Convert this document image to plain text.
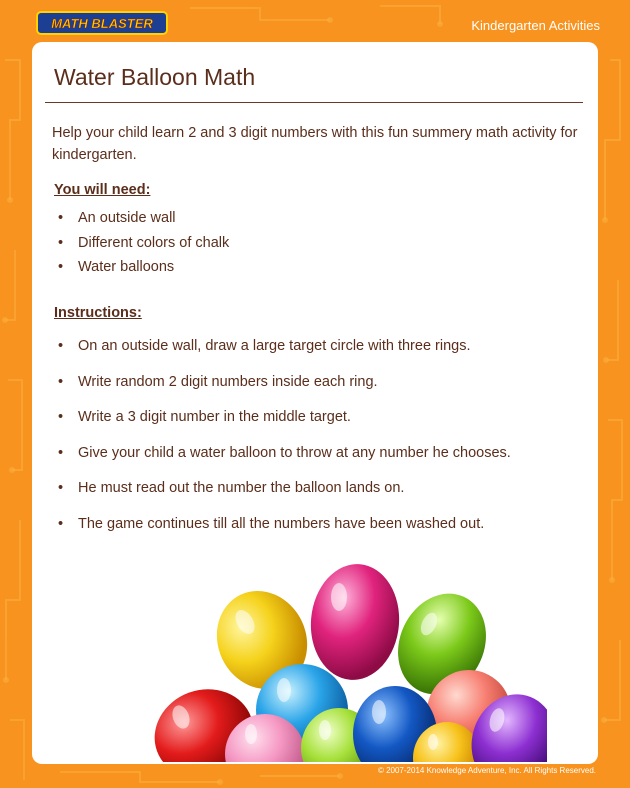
MATH BLASTER	Kindergarten Activities
Water Balloon Math
Help your child learn 2 and 3 digit numbers with this fun summery math activity for kindergarten.
You will need:
• An outside wall
• Different colors of chalk
• Water balloons
Instructions:
• On an outside wall, draw a large target circle with three rings.
• Write random 2 digit numbers inside each ring.
• Write a 3 digit number in the middle target.
• Give your child a water balloon to throw at any number he chooses.
• He must read out the number the balloon lands on.
• The game continues till all the numbers have been washed out.
© 2007-2014 Knowledge Adventure, Inc. All Rights Reserved.
